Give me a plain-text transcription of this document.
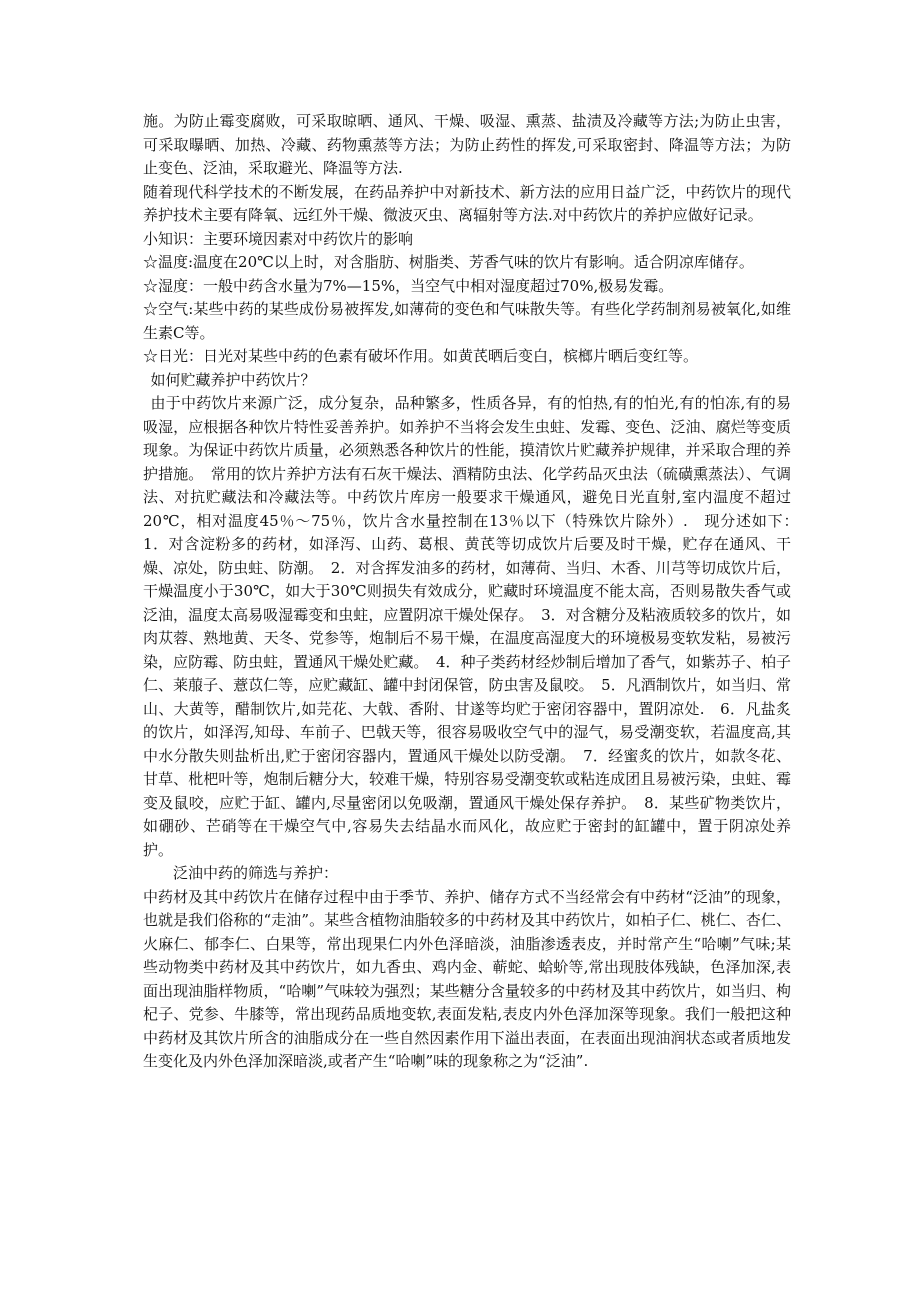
施。为防止霉变腐败，可采取晾晒、通风、干燥、吸湿、熏蒸、盐渍及冷藏等方法;为防止虫害，可采取曝晒、加热、冷藏、药物熏蒸等方法；为防止药性的挥发,可采取密封、降温等方法；为防止变色、泛油，采取避光、降温等方法.

随着现代科学技术的不断发展，在药品养护中对新技术、新方法的应用日益广泛，中药饮片的现代养护技术主要有降氧、远红外干燥、微波灭虫、离辐射等方法.对中药饮片的养护应做好记录。

小知识：主要环境因素对中药饮片的影响

☆温度:温度在20℃以上时，对含脂肪、树脂类、芳香气味的饮片有影响。适合阴凉库储存。

☆湿度：一般中药含水量为7%—15%，当空气中相对湿度超过70%,极易发霉。

☆空气:某些中药的某些成份易被挥发,如薄荷的变色和气味散失等。有些化学药制剂易被氧化,如维生素C等。

☆日光：日光对某些中药的色素有破坏作用。如黄芪晒后变白，槟榔片晒后变红等。

如何贮藏养护中药饮片？

由于中药饮片来源广泛，成分复杂，品种繁多，性质各异，有的怕热,有的怕光,有的怕冻,有的易吸湿，应根据各种饮片特性妥善养护。如养护不当将会发生虫蛀、发霉、变色、泛油、腐烂等变质现象。为保证中药饮片质量，必须熟悉各种饮片的性能，摸清饮片贮藏养护规律，并采取合理的养护措施。　常用的饮片养护方法有石灰干燥法、酒精防虫法、化学药品灭虫法（硫磺熏蒸法）、气调法、对抗贮藏法和冷藏法等。中药饮片库房一般要求干燥通风，避免日光直射,室内温度不超过20℃，相对温度45％～75％，饮片含水量控制在13％以下（特殊饮片除外）.　现分述如下：　1．对含淀粉多的药材，如泽泻、山药、葛根、黄芪等切成饮片后要及时干燥，贮存在通风、干燥、凉处，防虫蛀、防潮。　2．对含挥发油多的药材，如薄荷、当归、木香、川芎等切成饮片后，干燥温度小于30℃，如大于30℃则损失有效成分，贮藏时环境温度不能太高，否则易散失香气或泛油，温度太高易吸湿霉变和虫蛀，应置阴凉干燥处保存。　3．对含糖分及粘液质较多的饮片，如肉苁蓉、熟地黄、天冬、党参等，炮制后不易干燥，在温度高湿度大的环境极易变软发粘，易被污染，应防霉、防虫蛀，置通风干燥处贮藏。　4．种子类药材经炒制后增加了香气，如紫苏子、柏子仁、莱菔子、薏苡仁等，应贮藏缸、罐中封闭保管，防虫害及鼠咬。　5．凡酒制饮片，如当归、常山、大黄等，醋制饮片,如芫花、大戟、香附、甘遂等均贮于密闭容器中，置阴凉处.　6．凡盐炙的饮片，如泽泻,知母、车前子、巴戟天等，很容易吸收空气中的湿气，易受潮变软，若温度高,其中水分散失则盐析出,贮于密闭容器内，置通风干燥处以防受潮。　7．经蜜炙的饮片，如款冬花、甘草、枇杷叶等，炮制后糖分大，较难干燥，特别容易受潮变软或粘连成团且易被污染，虫蛀、霉变及鼠咬，应贮于缸、罐内,尽量密闭以免吸潮，置通风干燥处保存养护。　8．某些矿物类饮片，如硼砂、芒硝等在干燥空气中,容易失去结晶水而风化，故应贮于密封的缸罐中，置于阴凉处养护。

泛油中药的筛选与养护：

中药材及其中药饮片在储存过程中由于季节、养护、储存方式不当经常会有中药材“泛油”的现象，也就是我们俗称的“走油”。某些含植物油脂较多的中药材及其中药饮片，如柏子仁、桃仁、杏仁、火麻仁、郁李仁、白果等，常出现果仁内外色泽暗淡，油脂渗透表皮，并时常产生“哈喇”气味;某些动物类中药材及其中药饮片，如九香虫、鸡内金、蕲蛇、蛤蚧等,常出现肢体残缺，色泽加深,表面出现油脂样物质，“哈喇”气味较为强烈；某些糖分含量较多的中药材及其中药饮片，如当归、枸杞子、党参、牛膝等，常出现药品质地变软,表面发粘,表皮内外色泽加深等现象。我们一般把这种中药材及其饮片所含的油脂成分在一些自然因素作用下溢出表面，在表面出现油润状态或者质地发生变化及内外色泽加深暗淡,或者产生“哈喇”味的现象称之为“泛油”.
